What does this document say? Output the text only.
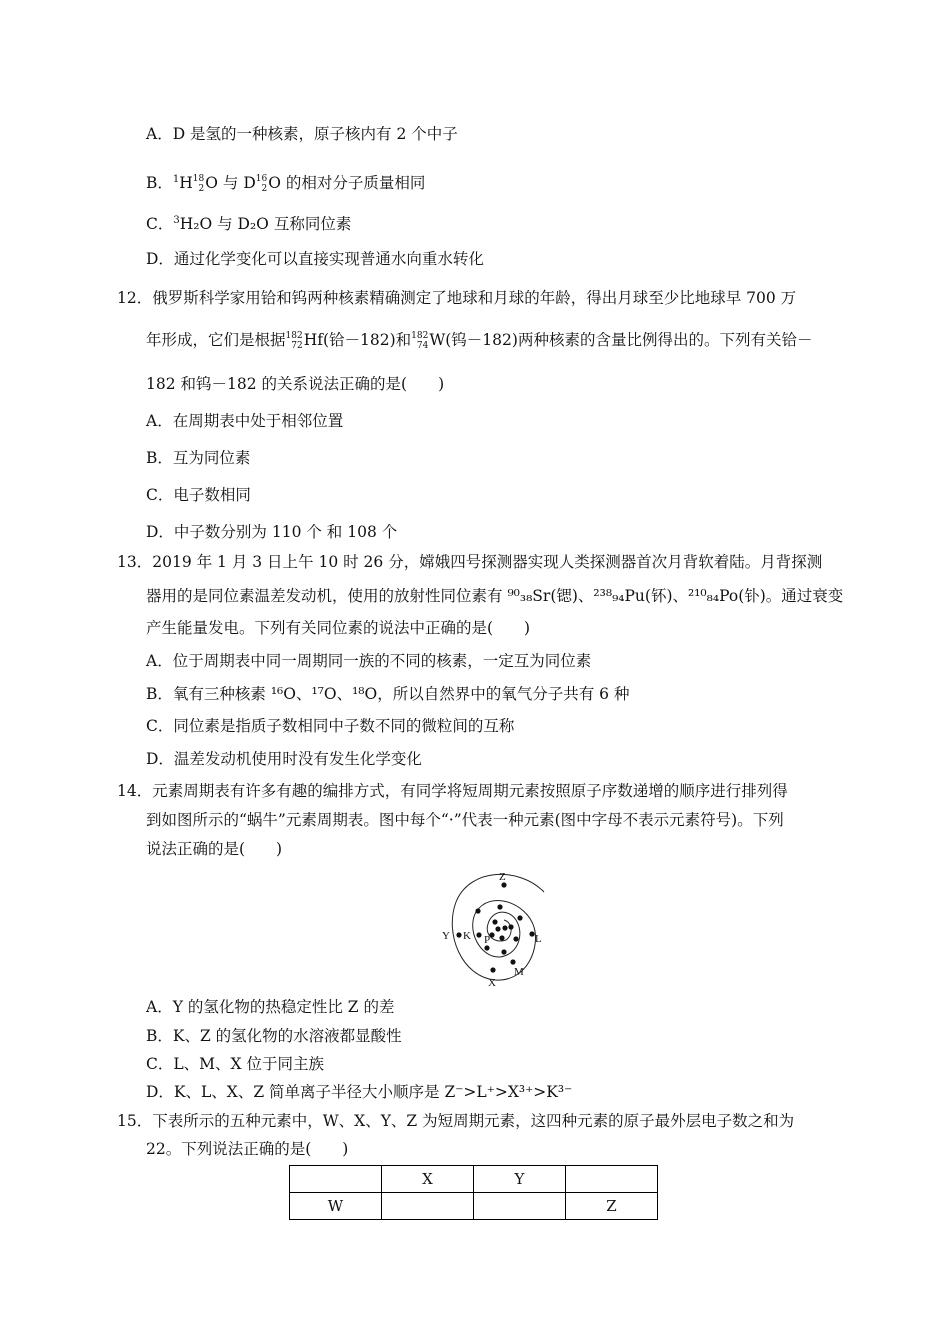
A．D 是氢的一种核素，原子核内有 2 个中子
B．$^1$H 18
2 O 与 D 16
2 O 的相对分子质量相同
C．$^3$H₂O 与 D₂O 互称同位素
D．通过化学变化可以直接实现普通水向重水转化
12．俄罗斯科学家用铪和钨两种核素精确测定了地球和月球的年龄，得出月球至少比地球早 700 万
年形成，它们是根据 182
72 Hf(铪－182)和 182
74 W(钨－182)两种核素的含量比例得出的。下列有关铪－
182 和钨－182 的关系说法正确的是(　　)
A．在周期表中处于相邻位置
B．互为同位素
C．电子数相同
D．中子数分别为 110 个 和 108 个
13．2019 年 1 月 3 日上午 10 时 26 分，嫦娥四号探测器实现人类探测器首次月背软着陆。月背探测
器用的是同位素温差发动机，使用的放射性同位素有 ⁹⁰₃₈Sr(锶)、²³⁸₉₄Pu(钚)、²¹⁰₈₄Po(钋)。通过衰变
产生能量发电。下列有关同位素的说法中正确的是(　　)
A．位于周期表中同一周期同一族的不同的核素，一定互为同位素
B．氧有三种核素 ¹⁶O、¹⁷O、¹⁸O，所以自然界中的氧气分子共有 6 种
C．同位素是指质子数相同中子数不同的微粒间的互称
D．温差发动机使用时没有发生化学变化
14．元素周期表有许多有趣的编排方式，有同学将短周期元素按照原子序数递增的顺序进行排列得
到如图所示的“蜗牛”元素周期表。图中每个“·”代表一种元素(图中字母不表示元素符号)。下列
说法正确的是(　　)
Z
Y K P	L
M
X
A．Y 的氢化物的热稳定性比 Z 的差
B．K、Z 的氢化物的水溶液都显酸性
C．L、M、X 位于同主族
D．K、L、X、Z 简单离子半径大小顺序是 Z⁻>L⁺>X³⁺>K³⁻
15．下表所示的五种元素中，W、X、Y、Z 为短周期元素，这四种元素的原子最外层电子数之和为
22。下列说法正确的是(　　)
	X	Y	
W			Z
